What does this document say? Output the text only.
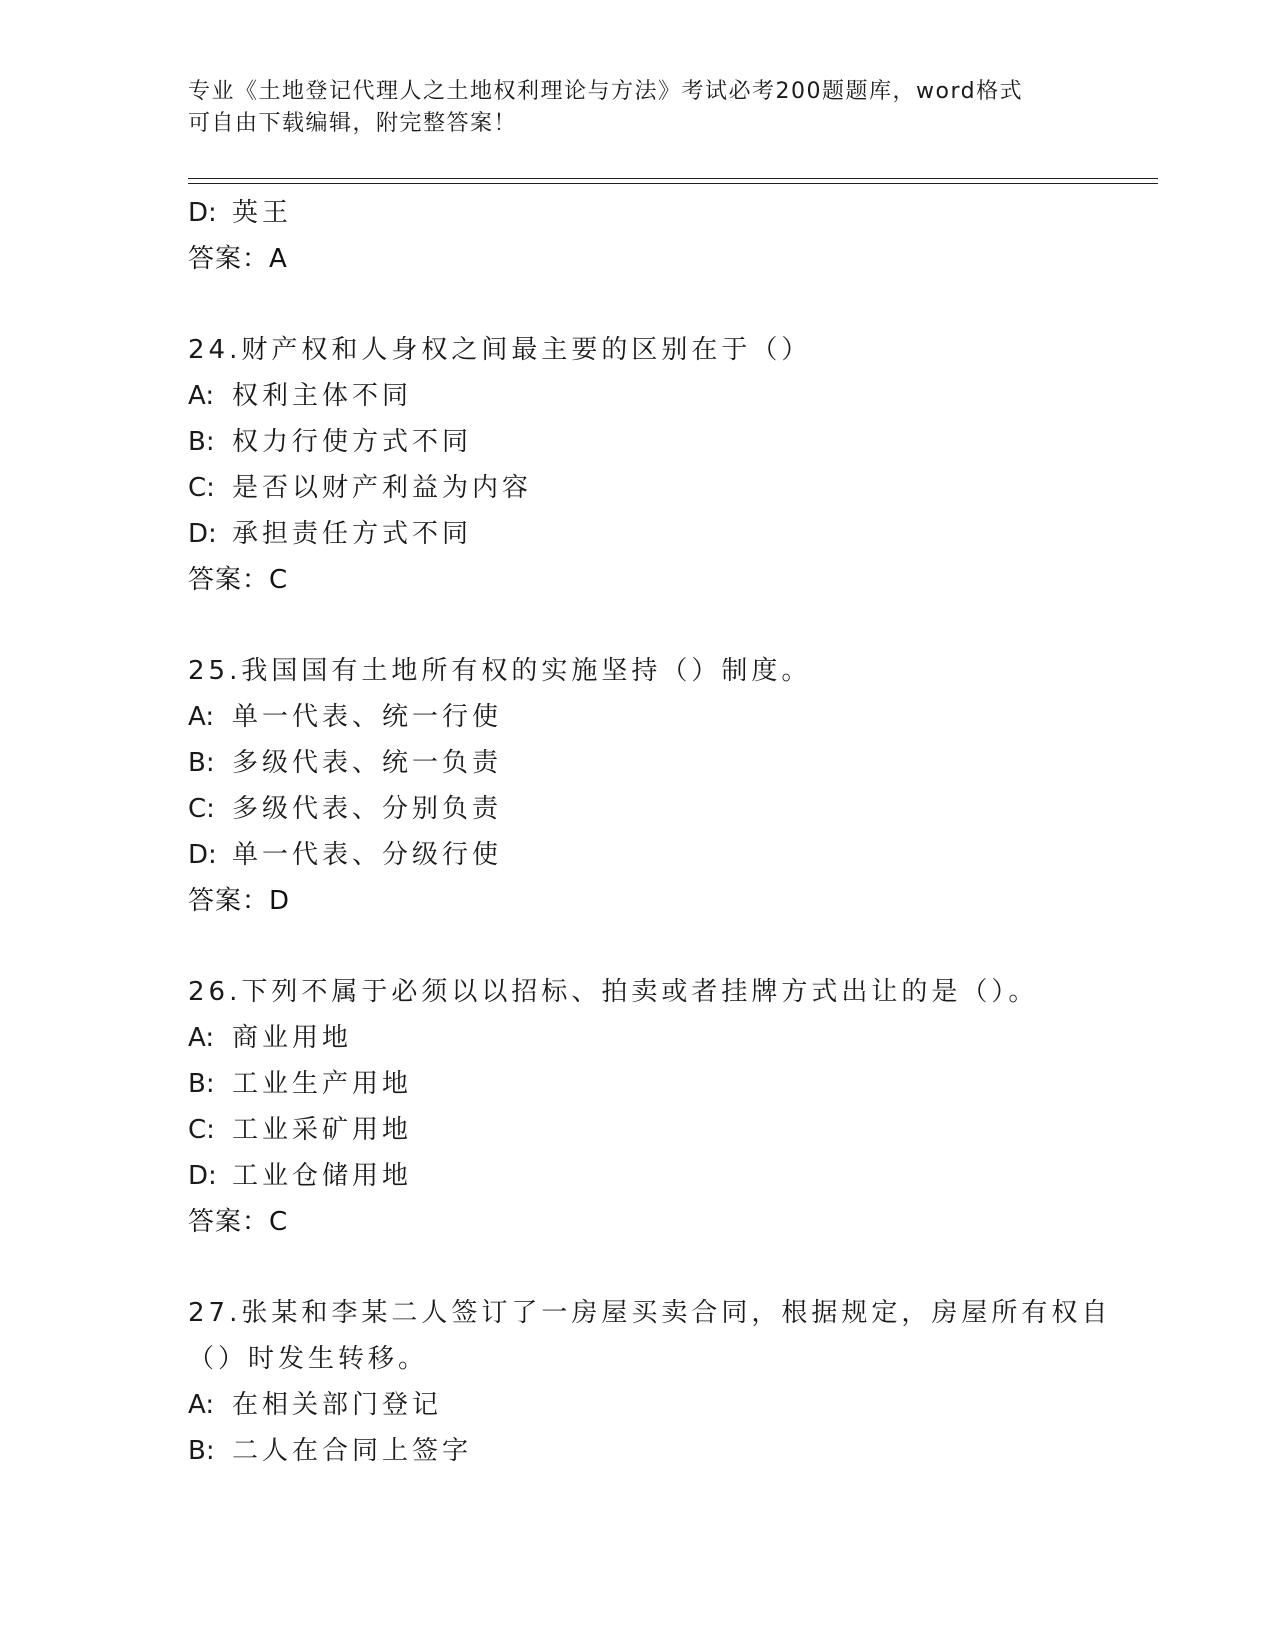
专业《土地登记代理人之土地权利理论与方法》考试必考200题题库，word格式
可自由下载编辑，附完整答案！
D: 英王
答案：A
24.财产权和人身权之间最主要的区别在于（）
A: 权利主体不同
B: 权力行使方式不同
C: 是否以财产利益为内容
D: 承担责任方式不同
答案：C
25.我国国有土地所有权的实施坚持（）制度。
A: 单一代表、统一行使
B: 多级代表、统一负责
C: 多级代表、分别负责
D: 单一代表、分级行使
答案：D
26.下列不属于必须以以招标、拍卖或者挂牌方式出让的是（）。
A: 商业用地
B: 工业生产用地
C: 工业采矿用地
D: 工业仓储用地
答案：C
27.张某和李某二人签订了一房屋买卖合同，根据规定，房屋所有权自
（）时发生转移。
A: 在相关部门登记
B: 二人在合同上签字
